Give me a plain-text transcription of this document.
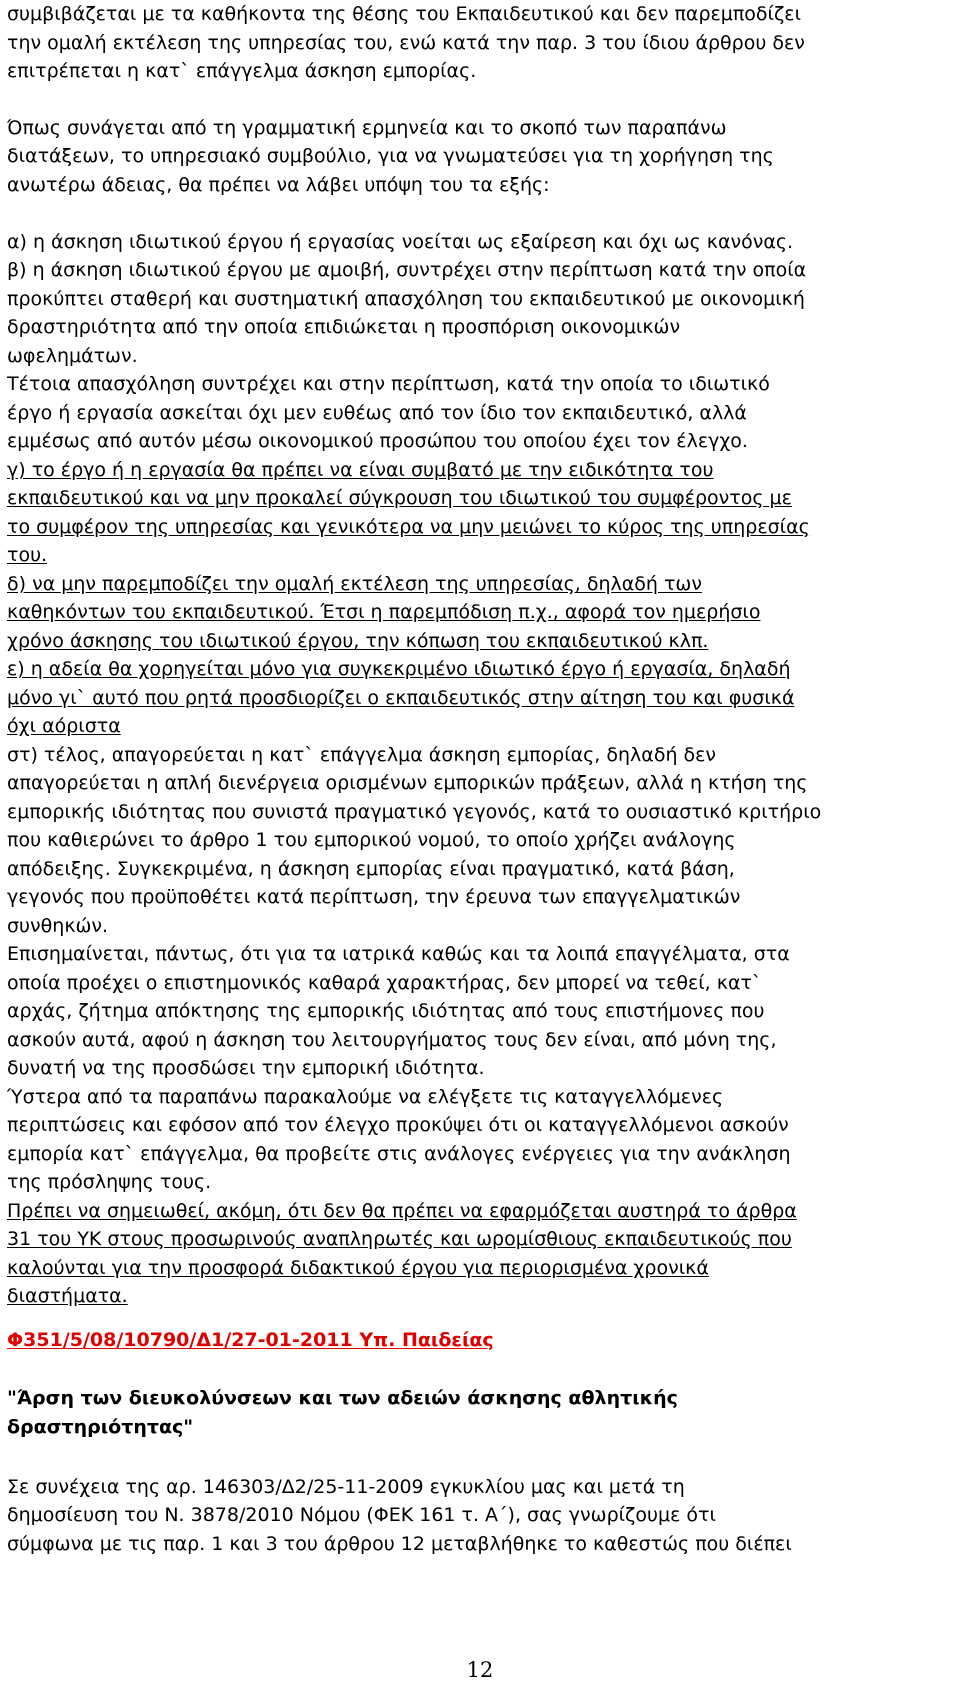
συμβιβάζεται με τα καθήκοντα της θέσης του Εκπαιδευτικού και δεν παρεμποδίζει
την ομαλή εκτέλεση της υπηρεσίας του, ενώ κατά την παρ. 3 του ίδιου άρθρου δεν
επιτρέπεται η κατ` επάγγελμα άσκηση εμπορίας.
Όπως συνάγεται από τη γραμματική ερμηνεία και το σκοπό των παραπάνω
διατάξεων, το υπηρεσιακό συμβούλιο, για να γνωματεύσει για τη χορήγηση της
ανωτέρω άδειας, θα πρέπει να λάβει υπόψη του τα εξής:
α) η άσκηση ιδιωτικού έργου ή εργασίας νοείται ως εξαίρεση και όχι ως κανόνας.
β) η άσκηση ιδιωτικού έργου με αμοιβή, συντρέχει στην περίπτωση κατά την οποία
προκύπτει σταθερή και συστηματική απασχόληση του εκπαιδευτικού με οικονομική
δραστηριότητα από την οποία επιδιώκεται η προσπόριση οικονομικών
ωφελημάτων.
Τέτοια απασχόληση συντρέχει και στην περίπτωση, κατά την οποία το ιδιωτικό
έργο ή εργασία ασκείται όχι μεν ευθέως από τον ίδιο τον εκπαιδευτικό, αλλά
εμμέσως από αυτόν μέσω οικονομικού προσώπου του οποίου έχει τον έλεγχο.
γ) το έργο ή η εργασία θα πρέπει να είναι συμβατό με την ειδικότητα του
εκπαιδευτικού και να μην προκαλεί σύγκρουση του ιδιωτικού του συμφέροντος με
το συμφέρον της υπηρεσίας και γενικότερα να μην μειώνει το κύρος της υπηρεσίας
του.
δ) να μην παρεμποδίζει την ομαλή εκτέλεση της υπηρεσίας, δηλαδή των
καθηκόντων του εκπαιδευτικού. Έτσι η παρεμπόδιση π.χ., αφορά τον ημερήσιο
χρόνο άσκησης του ιδιωτικού έργου, την κόπωση του εκπαιδευτικού κλπ.
ε) η αδεία θα χορηγείται μόνο για συγκεκριμένο ιδιωτικό έργο ή εργασία, δηλαδή
μόνο γι` αυτό που ρητά προσδιορίζει ο εκπαιδευτικός στην αίτηση του και φυσικά
όχι αόριστα
στ) τέλος, απαγορεύεται η κατ` επάγγελμα άσκηση εμπορίας, δηλαδή δεν
απαγορεύεται η απλή διενέργεια ορισμένων εμπορικών πράξεων, αλλά η κτήση της
εμπορικής ιδιότητας που συνιστά πραγματικό γεγονός, κατά το ουσιαστικό κριτήριο
που καθιερώνει το άρθρο 1 του εμπορικού νομού, το οποίο χρήζει ανάλογης
απόδειξης. Συγκεκριμένα, η άσκηση εμπορίας είναι πραγματικό, κατά βάση,
γεγονός που προϋποθέτει κατά περίπτωση, την έρευνα των επαγγελματικών
συνθηκών.
Επισημαίνεται, πάντως, ότι για τα ιατρικά καθώς και τα λοιπά επαγγέλματα, στα
οποία προέχει ο επιστημονικός καθαρά χαρακτήρας, δεν μπορεί να τεθεί, κατ`
αρχάς, ζήτημα απόκτησης της εμπορικής ιδιότητας από τους επιστήμονες που
ασκούν αυτά, αφού η άσκηση του λειτουργήματος τους δεν είναι, από μόνη της,
δυνατή να της προσδώσει την εμπορική ιδιότητα.
Ύστερα από τα παραπάνω παρακαλούμε να ελέγξετε τις καταγγελλόμενες
περιπτώσεις και εφόσον από τον έλεγχο προκύψει ότι οι καταγγελλόμενοι ασκούν
εμπορία κατ` επάγγελμα, θα προβείτε στις ανάλογες ενέργειες για την ανάκληση
της πρόσληψης τους.
Πρέπει να σημειωθεί, ακόμη, ότι δεν θα πρέπει να εφαρμόζεται αυστηρά το άρθρα
31 του ΥΚ στους προσωρινούς αναπληρωτές και ωρομίσθιους εκπαιδευτικούς που
καλούνται για την προσφορά διδακτικού έργου για περιορισμένα χρονικά
διαστήματα.
Φ351/5/08/10790/Δ1/27-01-2011 Υπ. Παιδείας
"Άρση των διευκολύνσεων και των αδειών άσκησης αθλητικής
δραστηριότητας"
Σε συνέχεια της αρ. 146303/Δ2/25-11-2009 εγκυκλίου μας και μετά τη
δημοσίευση του Ν. 3878/2010 Νόμου (ΦΕΚ 161 τ. Α΄), σας γνωρίζουμε ότι
σύμφωνα με τις παρ. 1 και 3 του άρθρου 12 μεταβλήθηκε το καθεστώς που διέπει
12
